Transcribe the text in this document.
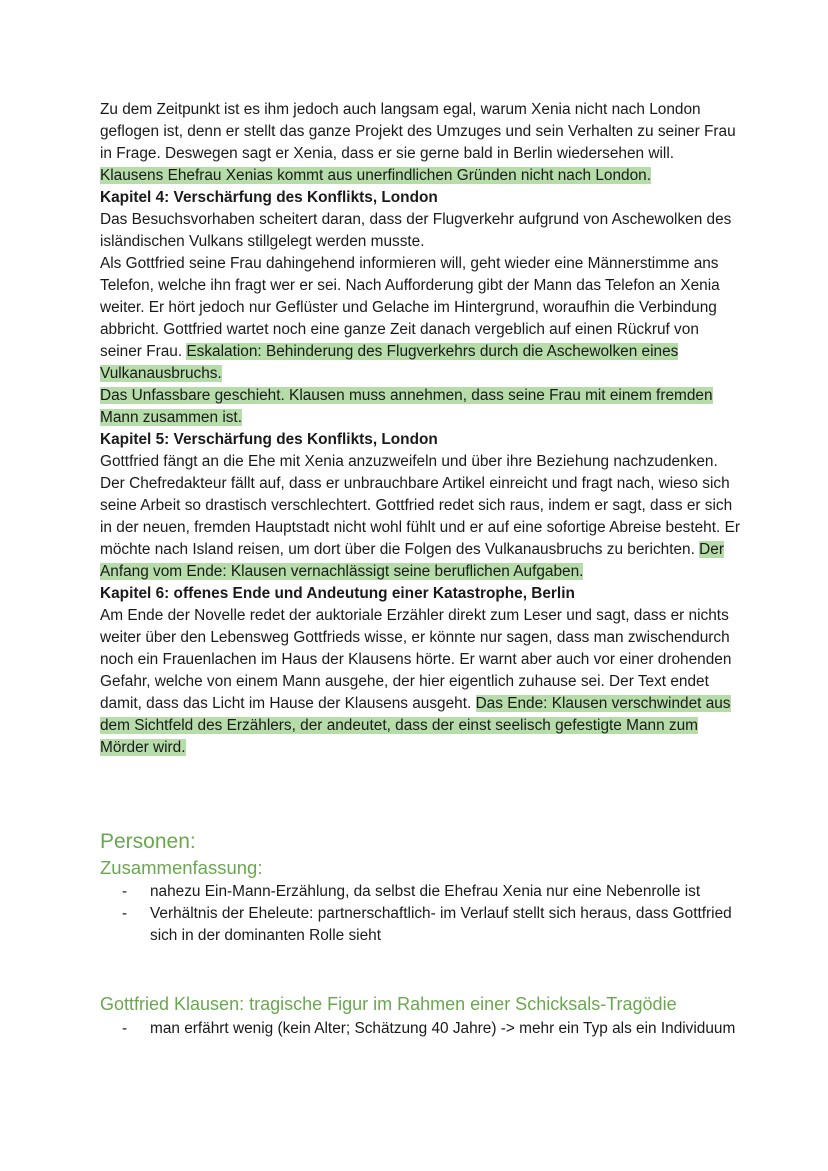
Zu dem Zeitpunkt ist es ihm jedoch auch langsam egal, warum Xenia nicht nach London geflogen ist, denn er stellt das ganze Projekt des Umzuges und sein Verhalten zu seiner Frau in Frage. Deswegen sagt er Xenia, dass er sie gerne bald in Berlin wiedersehen will. Klausens Ehefrau Xenias kommt aus unerfindlichen Gründen nicht nach London.

Kapitel 4: Verschärfung des Konflikts, London

Das Besuchsvorhaben scheitert daran, dass der Flugverkehr aufgrund von Aschewolken des isländischen Vulkans stillgelegt werden musste.

Als Gottfried seine Frau dahingehend informieren will, geht wieder eine Männerstimme ans Telefon, welche ihn fragt wer er sei. Nach Aufforderung gibt der Mann das Telefon an Xenia weiter. Er hört jedoch nur Geflüster und Gelache im Hintergrund, woraufhin die Verbindung abbricht. Gottfried wartet noch eine ganze Zeit danach vergeblich auf einen Rückruf von seiner Frau. Eskalation: Behinderung des Flugverkehrs durch die Aschewolken eines Vulkanausbruchs.

Das Unfassbare geschieht. Klausen muss annehmen, dass seine Frau mit einem fremden Mann zusammen ist.

Kapitel 5: Verschärfung des Konflikts, London

Gottfried fängt an die Ehe mit Xenia anzuzweifeln und über ihre Beziehung nachzudenken. Der Chefredakteur fällt auf, dass er unbrauchbare Artikel einreicht und fragt nach, wieso sich seine Arbeit so drastisch verschlechtert. Gottfried redet sich raus, indem er sagt, dass er sich in der neuen, fremden Hauptstadt nicht wohl fühlt und er auf eine sofortige Abreise besteht. Er möchte nach Island reisen, um dort über die Folgen des Vulkanausbruchs zu berichten. Der Anfang vom Ende: Klausen vernachlässigt seine beruflichen Aufgaben.

Kapitel 6: offenes Ende und Andeutung einer Katastrophe, Berlin

Am Ende der Novelle redet der auktoriale Erzähler direkt zum Leser und sagt, dass er nichts weiter über den Lebensweg Gottfrieds wisse, er könnte nur sagen, dass man zwischendurch noch ein Frauenlachen im Haus der Klausens hörte. Er warnt aber auch vor einer drohenden Gefahr, welche von einem Mann ausgehe, der hier eigentlich zuhause sei. Der Text endet damit, dass das Licht im Hause der Klausens ausgeht. Das Ende: Klausen verschwindet aus dem Sichtfeld des Erzählers, der andeutet, dass der einst seelisch gefestigte Mann zum Mörder wird.

Personen:
Zusammenfassung:
- nahezu Ein-Mann-Erzählung, da selbst die Ehefrau Xenia nur eine Nebenrolle ist
- Verhältnis der Eheleute: partnerschaftlich- im Verlauf stellt sich heraus, dass Gottfried sich in der dominanten Rolle sieht
Gottfried Klausen: tragische Figur im Rahmen einer Schicksals-Tragödie
- man erfährt wenig (kein Alter; Schätzung 40 Jahre) -> mehr ein Typ als ein Individuum
